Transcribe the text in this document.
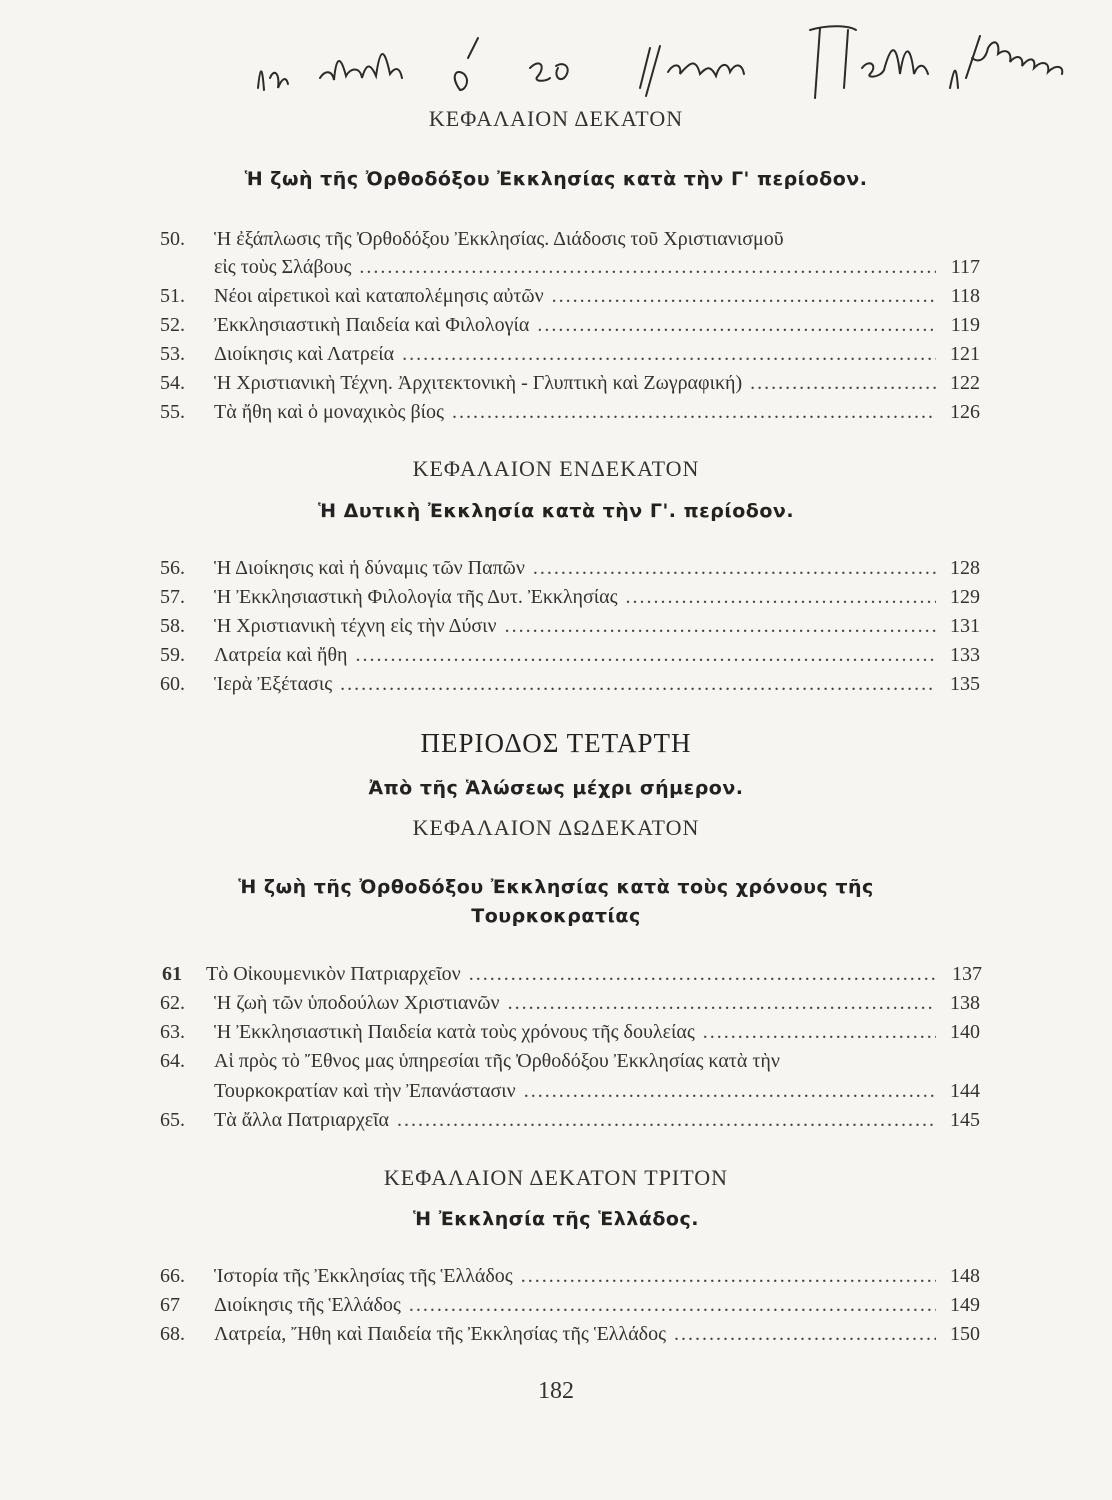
ΚΕΦΑΛΑΙΟΝ ΔΕΚΑΤΟΝ
Ἡ ζωὴ τῆς Ὀρθοδόξου Ἐκκλησίας κατὰ τὴν Γ' περίοδον.
50.	Ἡ ἐξάπλωσις τῆς Ὀρθοδόξου Ἐκκλησίας. Διάδοσις τοῦ Χριστιανισμοῦ
εἰς τοὺς Σλάβους .....	117
51.	Νέοι αἱρετικοὶ καὶ καταπολέμησις αὐτῶν .....	118
52.	Ἐκκλησιαστικὴ Παιδεία καὶ Φιλολογία .....	119
53.	Διοίκησις καὶ Λατρεία .....	121
54.	Ἡ Χριστιανικὴ Τέχνη. Ἀρχιτεκτονικὴ - Γλυπτικὴ καὶ Ζωγραφική) .....	122
55.	Τὰ ἤθη καὶ ὁ μοναχικὸς βίος .....	126
ΚΕΦΑΛΑΙΟΝ ΕΝΔΕΚΑΤΟΝ
Ἡ Δυτικὴ Ἐκκλησία κατὰ τὴν Γ'. περίοδον.
56.	Ἡ Διοίκησις καὶ ἡ δύναμις τῶν Παπῶν .....	128
57.	Ἡ Ἐκκλησιαστικὴ Φιλολογία τῆς Δυτ. Ἐκκλησίας .....	129
58.	Ἡ Χριστιανικὴ τέχνη εἰς τὴν Δύσιν .....	131
59.	Λατρεία καὶ ἤθη .....	133
60.	Ἱερὰ Ἐξέτασις .....	135
ΠΕΡΙΟΔΟΣ ΤΕΤΑΡΤΗ
Ἀπὸ τῆς Ἁλώσεως μέχρι σήμερον.
ΚΕΦΑΛΑΙΟΝ ΔΩΔΕΚΑΤΟΝ
Ἡ ζωὴ τῆς Ὀρθοδόξου Ἐκκλησίας κατὰ τοὺς χρόνους τῆς
Τουρκοκρατίας
61	Τὸ Οἰκουμενικὸν Πατριαρχεῖον .....	137
62.	Ἡ ζωὴ τῶν ὑποδούλων Χριστιανῶν .....	138
63.	Ἡ Ἐκκλησιαστικὴ Παιδεία κατὰ τοὺς χρόνους τῆς δουλείας .....	140
64.	Αἱ πρὸς τὸ Ἔθνος μας ὑπηρεσίαι τῆς Ὀρθοδόξου Ἐκκλησίας κατὰ τὴν
Τουρκοκρατίαν καὶ τὴν Ἐπανάστασιν .....	144
65.	Τὰ ἄλλα Πατριαρχεῖα .....	145
ΚΕΦΑΛΑΙΟΝ ΔΕΚΑΤΟΝ ΤΡΙΤΟΝ
Ἡ Ἐκκλησία τῆς Ἑλλάδος.
66.	Ἱστορία τῆς Ἐκκλησίας τῆς Ἑλλάδος .....	148
67	Διοίκησις τῆς Ἑλλάδος .....	149
68.	Λατρεία, Ἤθη καὶ Παιδεία τῆς Ἐκκλησίας τῆς Ἑλλάδος .....	150
182
